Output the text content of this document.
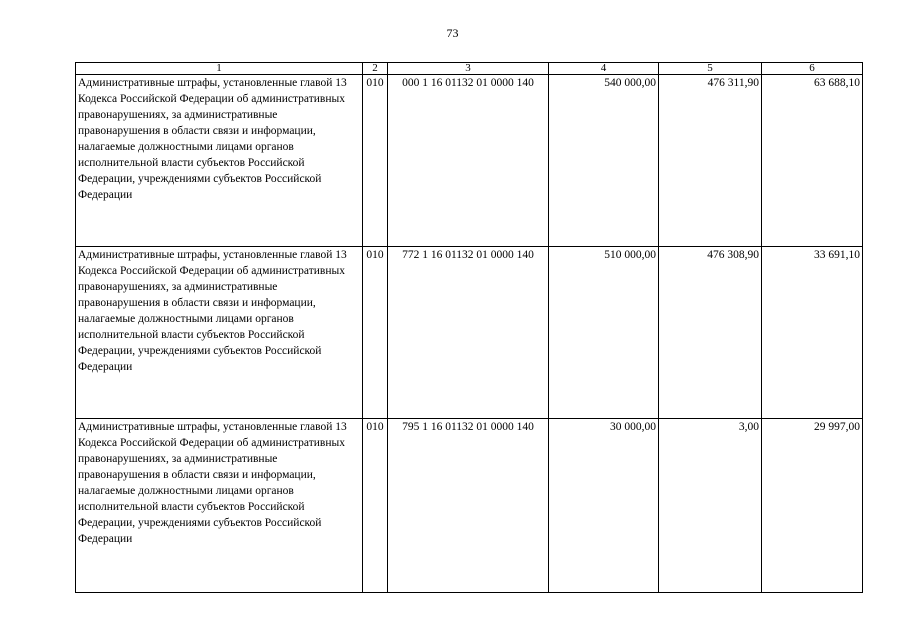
73
1	2	3	4	5	6
Административные штрафы, установленные главой 13 Кодекса Российской Федерации об административных правонарушениях, за административные правонарушения в области связи и информации, налагаемые должностными лицами органов исполнительной власти субъектов Российской Федерации, учреждениями субъектов Российской Федерации	010	000 1 16 01132 01 0000 140	540 000,00	476 311,90	63 688,10
Административные штрафы, установленные главой 13 Кодекса Российской Федерации об административных правонарушениях, за административные правонарушения в области связи и информации, налагаемые должностными лицами органов исполнительной власти субъектов Российской Федерации, учреждениями субъектов Российской Федерации	010	772 1 16 01132 01 0000 140	510 000,00	476 308,90	33 691,10
Административные штрафы, установленные главой 13 Кодекса Российской Федерации об административных правонарушениях, за административные правонарушения в области связи и информации, налагаемые должностными лицами органов исполнительной власти субъектов Российской Федерации, учреждениями субъектов Российской Федерации	010	795 1 16 01132 01 0000 140	30 000,00	3,00	29 997,00
